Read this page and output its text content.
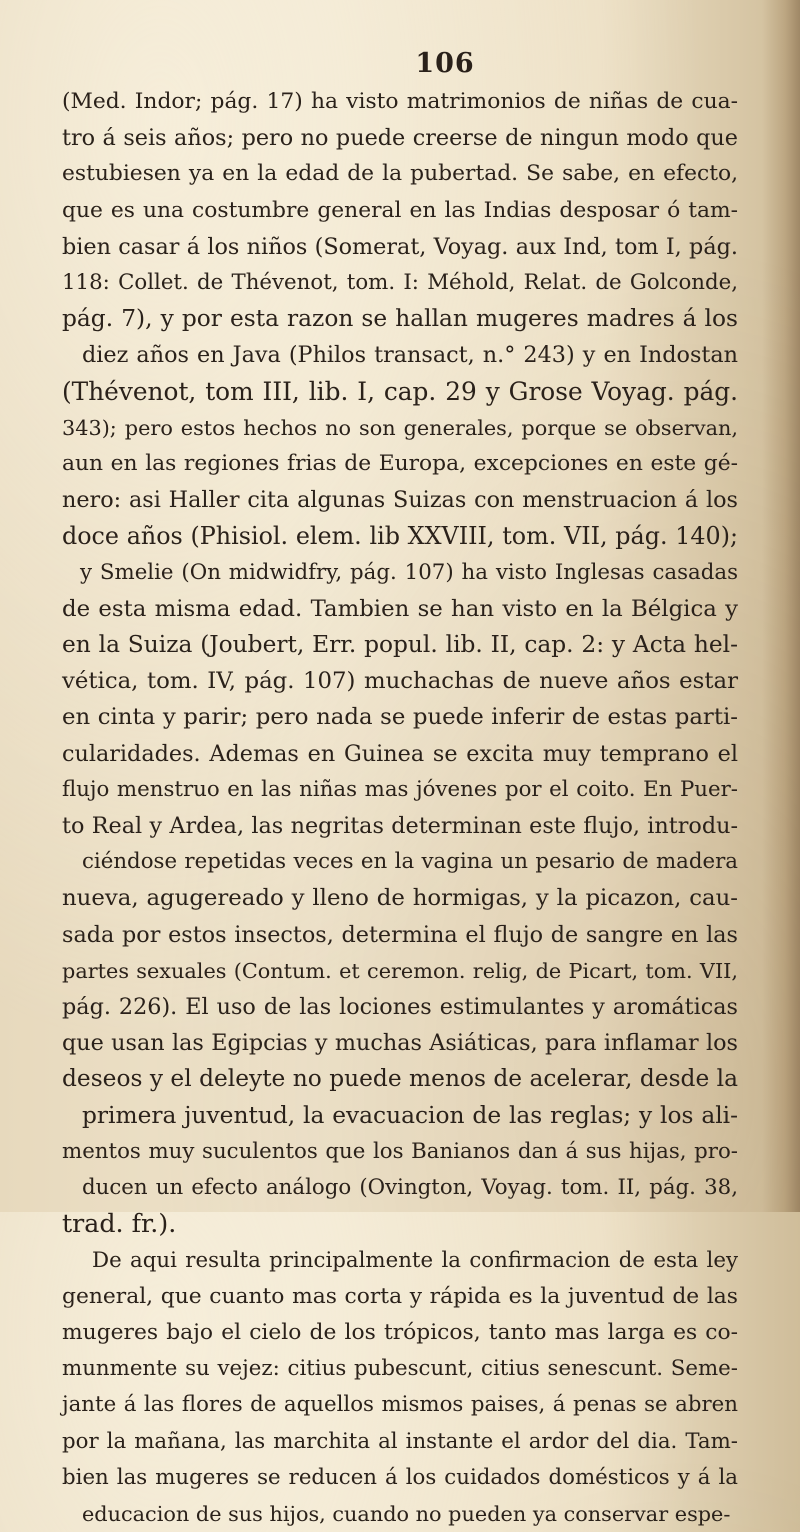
106

(Med. Indor; pág. 17) ha visto matrimonios de niñas de cua-
tro á seis años; pero no puede creerse de ningun modo que
estubiesen ya en la edad de la pubertad. Se sabe, en efecto,
que es una costumbre general en las Indias desposar ó tam-
bien casar á los niños (Somerat, Voyag. aux Ind, tom I, pág.
118: Collet. de Thévenot, tom. I: Méhold, Relat. de Golconde,
pág. 7), y por esta razon se hallan mugeres madres á los
diez años en Java (Philos transact, n.° 243) y en Indostan
(Thévenot, tom III, lib. I, cap. 29 y Grose Voyag. pág.
343); pero estos hechos no son generales, porque se observan,
aun en las regiones frias de Europa, excepciones en este gé-
nero: asi Haller cita algunas Suizas con menstruacion á los
doce años (Phisiol. elem. lib XXVIII, tom. VII, pág. 140);
y Smelie (On midwidfry, pág. 107) ha visto Inglesas casadas
de esta misma edad. Tambien se han visto en la Bélgica y
en la Suiza (Joubert, Err. popul. lib. II, cap. 2: y Acta hel-
vética, tom. IV, pág. 107) muchachas de nueve años estar
en cinta y parir; pero nada se puede inferir de estas parti-
cularidades. Ademas en Guinea se excita muy temprano el
flujo menstruo en las niñas mas jóvenes por el coito. En Puer-
to Real y Ardea, las negritas determinan este flujo, introdu-
ciéndose repetidas veces en la vagina un pesario de madera
nueva, agugereado y lleno de hormigas, y la picazon, cau-
sada por estos insectos, determina el flujo de sangre en las
partes sexuales (Contum. et ceremon. relig, de Picart, tom. VII,
pág. 226). El uso de las lociones estimulantes y aromáticas
que usan las Egipcias y muchas Asiáticas, para inflamar los
deseos y el deleyte no puede menos de acelerar, desde la
primera juventud, la evacuacion de las reglas; y los ali-
mentos muy suculentos que los Banianos dan á sus hijas, pro-
ducen un efecto análogo (Ovington, Voyag. tom. II, pág. 38,
trad. fr.).

De aqui resulta principalmente la confirmacion de esta ley
general, que cuanto mas corta y rápida es la juventud de las
mugeres bajo el cielo de los trópicos, tanto mas larga es co-
munmente su vejez: citius pubescunt, citius senescunt. Seme-
jante á las flores de aquellos mismos paises, á penas se abren
por la mañana, las marchita al instante el ardor del dia. Tam-
bien las mugeres se reducen á los cuidados domésticos y á la
educacion de sus hijos, cuando no pueden ya conservar espe-
